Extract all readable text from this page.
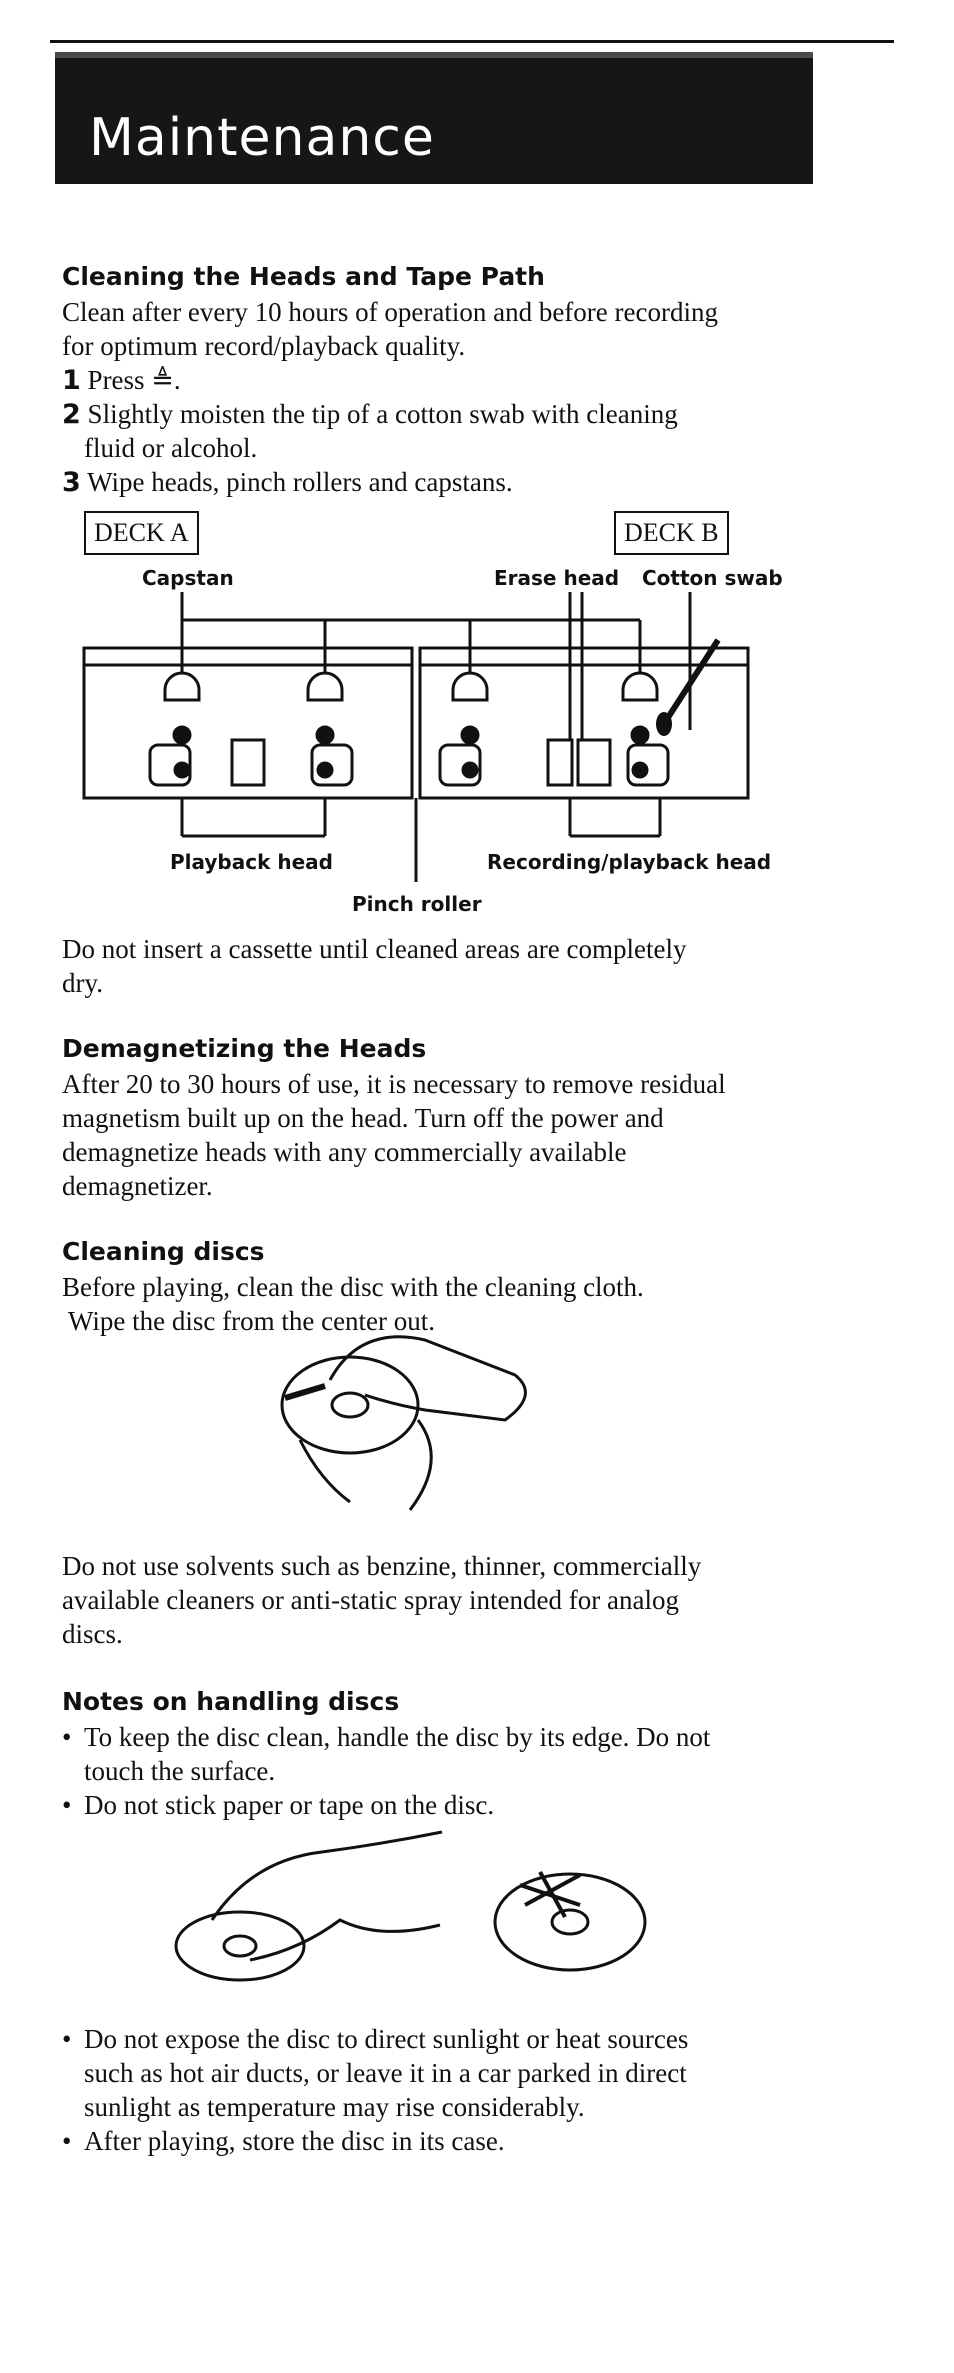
Maintenance
Cleaning the Heads and Tape Path
Clean after every 10 hours of operation and before recording
for optimum record/playback quality.
1 Press ≜.
2 Slightly moisten the tip of a cotton swab with cleaning
fluid or alcohol.
3 Wipe heads, pinch rollers and capstans.
DECK A	DECK B
Capstan	Erase head Cotton swab
Playback head	Recording/playback head
Pinch roller
Do not insert a cassette until cleaned areas are completely
dry.
Demagnetizing the Heads
After 20 to 30 hours of use, it is necessary to remove residual
magnetism built up on the head. Turn off the power and
demagnetize heads with any commercially available
demagnetizer.
Cleaning discs
Before playing, clean the disc with the cleaning cloth.
Wipe the disc from the center out.
Do not use solvents such as benzine, thinner, commercially
available cleaners or anti-static spray intended for analog
discs.
Notes on handling discs
• To keep the disc clean, handle the disc by its edge. Do not
touch the surface.
• Do not stick paper or tape on the disc.
• Do not expose the disc to direct sunlight or heat sources
such as hot air ducts, or leave it in a car parked in direct
sunlight as temperature may rise considerably.
• After playing, store the disc in its case.
